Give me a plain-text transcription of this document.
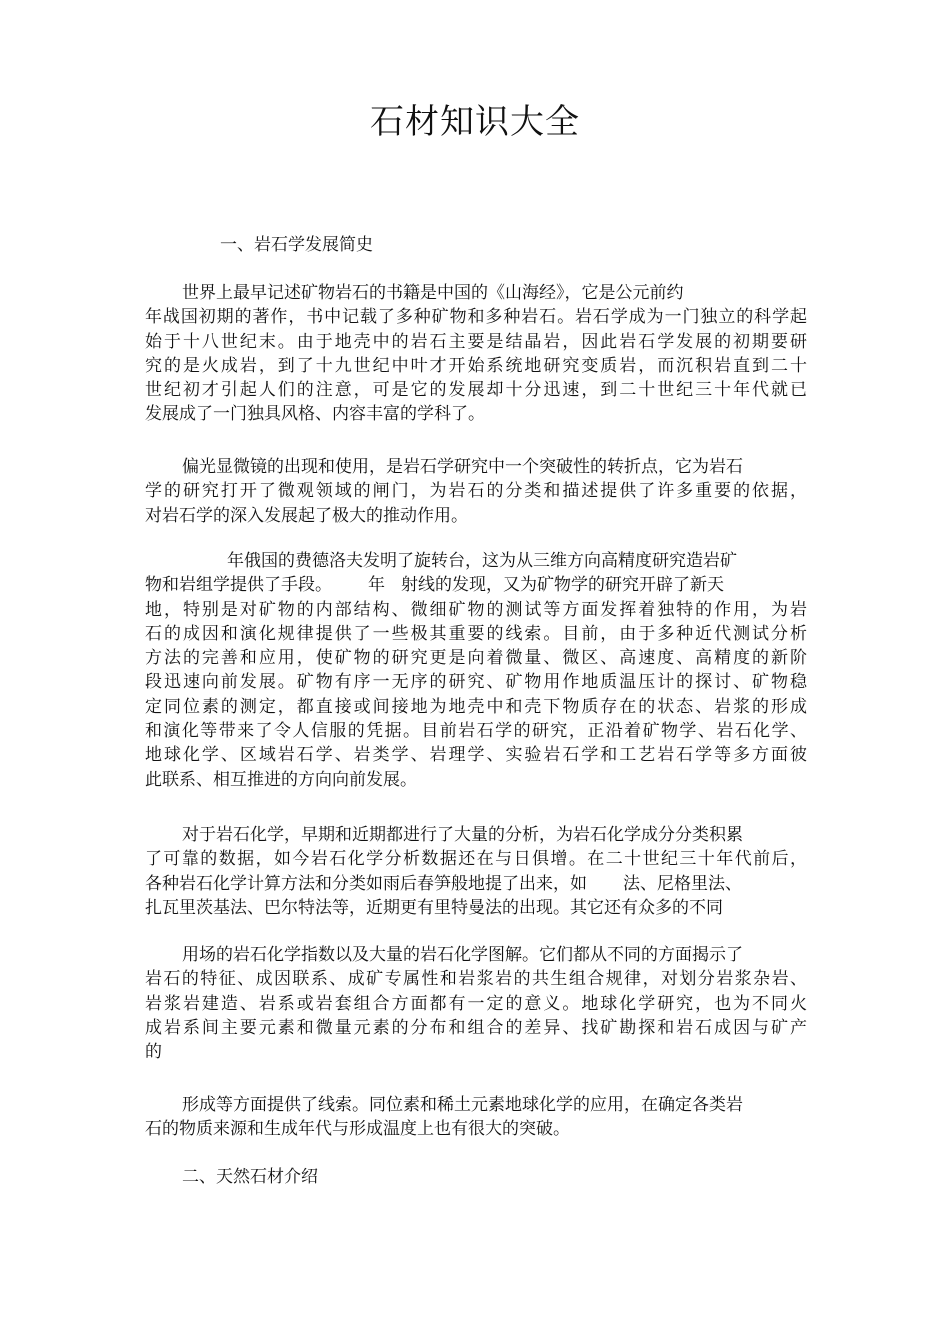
石材知识大全
一、岩石学发展简史
世界上最早记述矿物岩石的书籍是中国的《山海经》，它是公元前约
年战国初期的著作，书中记载了多种矿物和多种岩石。岩石学成为一门独立的科学起
始于十八世纪末。由于地壳中的岩石主要是结晶岩，因此岩石学发展的初期要研
究的是火成岩，到了十九世纪中叶才开始系统地研究变质岩，而沉积岩直到二十
世纪初才引起人们的注意，可是它的发展却十分迅速，到二十世纪三十年代就已
发展成了一门独具风格、内容丰富的学科了。
偏光显微镜的出现和使用，是岩石学研究中一个突破性的转折点，它为岩石
学的研究打开了微观领域的闸门，为岩石的分类和描述提供了许多重要的依据，
对岩石学的深入发展起了极大的推动作用。
年俄国的费德洛夫发明了旋转台，这为从三维方向高精度研究造岩矿
物和岩组学提供了手段。 年 射线的发现，又为矿物学的研究开辟了新天
地，特别是对矿物的内部结构、微细矿物的测试等方面发挥着独特的作用，为岩
石的成因和演化规律提供了一些极其重要的线索。目前，由于多种近代测试分析
方法的完善和应用，使矿物的研究更是向着微量、微区、高速度、高精度的新阶
段迅速向前发展。矿物有序一无序的研究、矿物用作地质温压计的探讨、矿物稳
定同位素的测定，都直接或间接地为地壳中和壳下物质存在的状态、岩浆的形成
和演化等带来了令人信服的凭据。目前岩石学的研究，正沿着矿物学、岩石化学、
地球化学、区域岩石学、岩类学、岩理学、实验岩石学和工艺岩石学等多方面彼
此联系、相互推进的方向向前发展。
对于岩石化学，早期和近期都进行了大量的分析，为岩石化学成分分类积累
了可靠的数据，如今岩石化学分析数据还在与日俱增。在二十世纪三十年代前后，
各种岩石化学计算方法和分类如雨后春笋般地提了出来，如 法、尼格里法、
扎瓦里茨基法、巴尔特法等，近期更有里特曼法的出现。其它还有众多的不同
用场的岩石化学指数以及大量的岩石化学图解。它们都从不同的方面揭示了
岩石的特征、成因联系、成矿专属性和岩浆岩的共生组合规律，对划分岩浆杂岩、
岩浆岩建造、岩系或岩套组合方面都有一定的意义。地球化学研究，也为不同火
成岩系间主要元素和微量元素的分布和组合的差异、找矿勘探和岩石成因与矿产
的
形成等方面提供了线索。同位素和稀土元素地球化学的应用，在确定各类岩
石的物质来源和生成年代与形成温度上也有很大的突破。
二、天然石材介绍
